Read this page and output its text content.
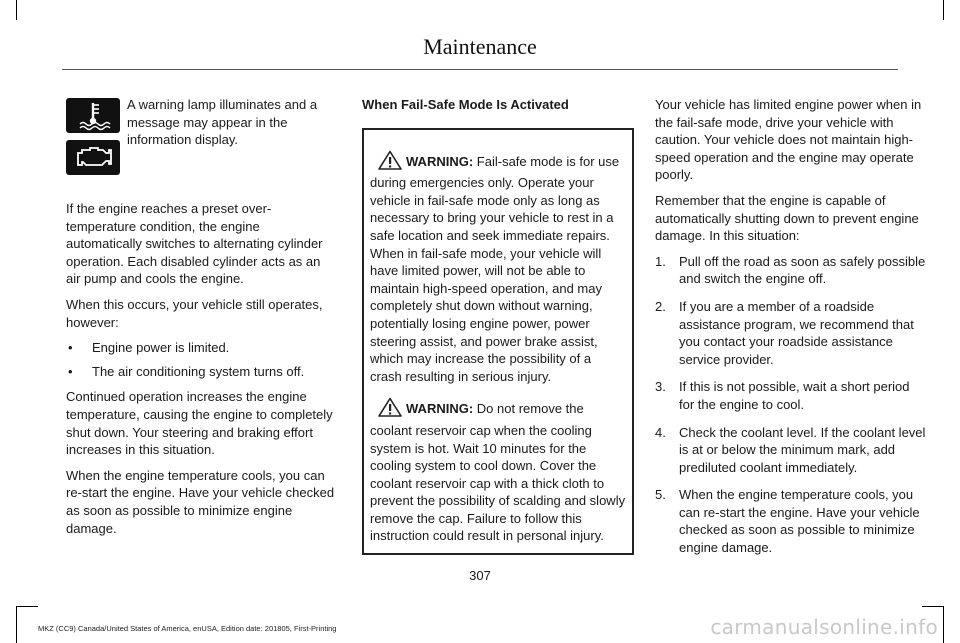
Maintenance
A warning lamp illuminates and a message may appear in the information display.

If the engine reaches a preset over-temperature condition, the engine automatically switches to alternating cylinder operation. Each disabled cylinder acts as an air pump and cools the engine.

When this occurs, your vehicle still operates, however:

• Engine power is limited.
• The air conditioning system turns off.

Continued operation increases the engine temperature, causing the engine to completely shut down. Your steering and braking effort increases in this situation.

When the engine temperature cools, you can re-start the engine. Have your vehicle checked as soon as possible to minimize engine damage.

When Fail-Safe Mode Is Activated

WARNING: Fail-safe mode is for use during emergencies only. Operate your vehicle in fail-safe mode only as long as necessary to bring your vehicle to rest in a safe location and seek immediate repairs. When in fail-safe mode, your vehicle will have limited power, will not be able to maintain high-speed operation, and may completely shut down without warning, potentially losing engine power, power steering assist, and power brake assist, which may increase the possibility of a crash resulting in serious injury.

WARNING: Do not remove the coolant reservoir cap when the cooling system is hot. Wait 10 minutes for the cooling system to cool down. Cover the coolant reservoir cap with a thick cloth to prevent the possibility of scalding and slowly remove the cap. Failure to follow this instruction could result in personal injury.

Your vehicle has limited engine power when in the fail-safe mode, drive your vehicle with caution. Your vehicle does not maintain high-speed operation and the engine may operate poorly.

Remember that the engine is capable of automatically shutting down to prevent engine damage. In this situation:

1. Pull off the road as soon as safely possible and switch the engine off.
2. If you are a member of a roadside assistance program, we recommend that you contact your roadside assistance service provider.
3. If this is not possible, wait a short period for the engine to cool.
4. Check the coolant level. If the coolant level is at or below the minimum mark, add prediluted coolant immediately.
5. When the engine temperature cools, you can re-start the engine. Have your vehicle checked as soon as possible to minimize engine damage.
307
MKZ (CC9) Canada/United States of America, enUSA, Edition date: 201805, First-Printing	carmanualsonline.info
